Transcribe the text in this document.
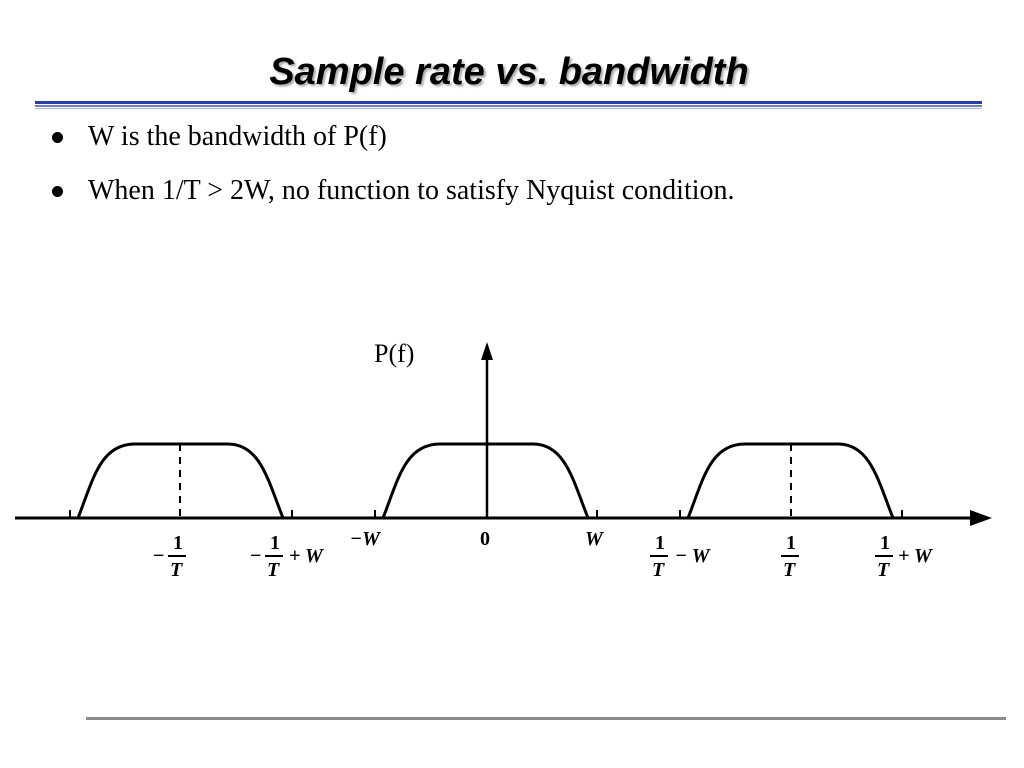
Sample rate vs. bandwidth
W is the bandwidth of P(f)
When 1/T > 2W, no function to satisfy Nyquist condition.
P(f)
−
1
T
−
1
T
+ W
−W	0	W	1
T
− W
1
T
1
T
+ W
